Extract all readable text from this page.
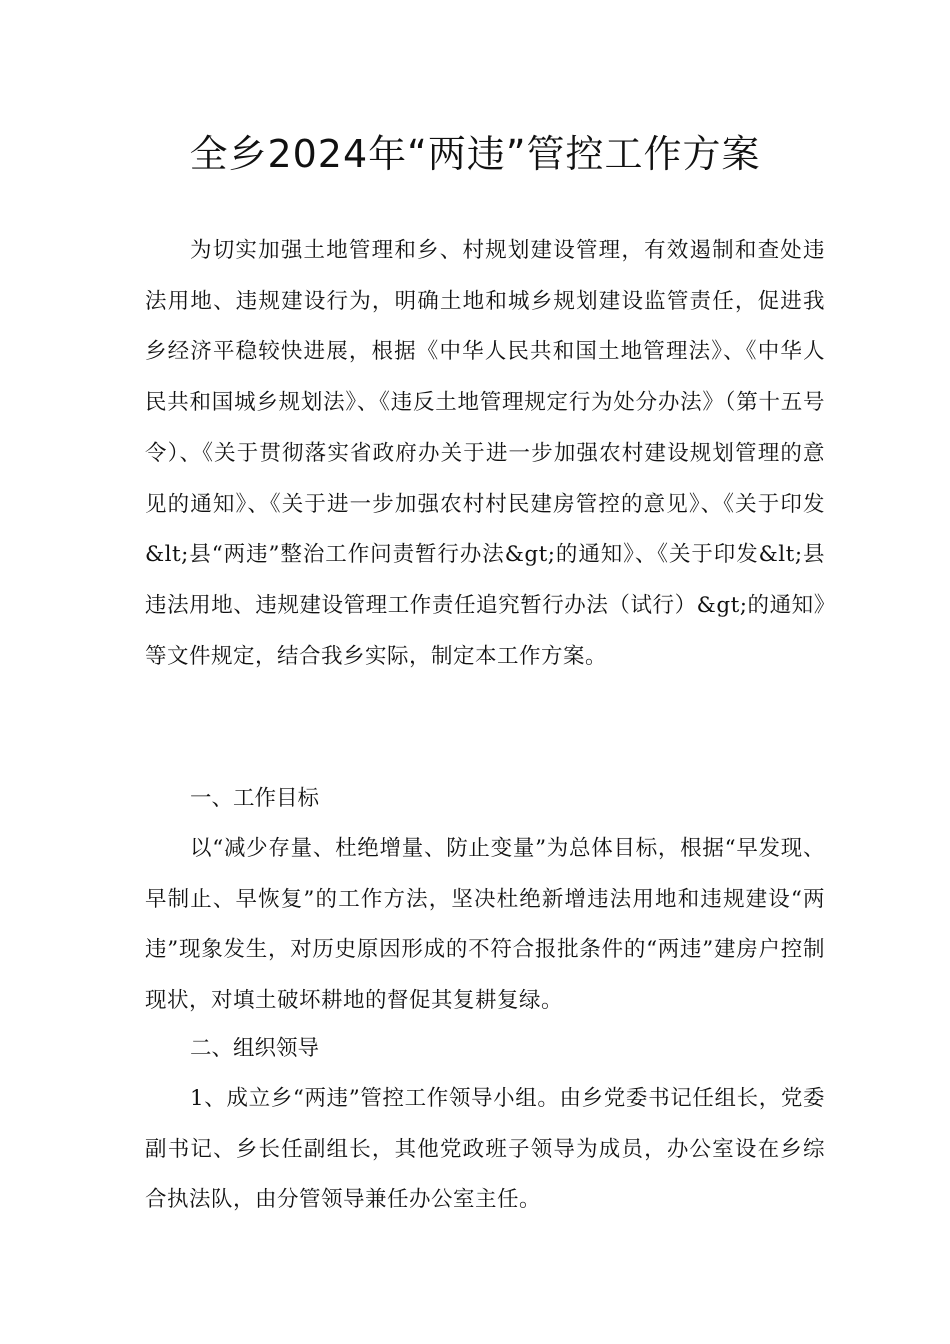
全乡2024年“两违”管控工作方案

为切实加强土地管理和乡、村规划建设管理，有效遏制和查处违法用地、违规建设行为，明确土地和城乡规划建设监管责任，促进我乡经济平稳较快进展，根据《中华人民共和国土地管理法》、《中华人民共和国城乡规划法》、《违反土地管理规定行为处分办法》（第十五号令）、《关于贯彻落实省政府办关于进一步加强农村建设规划管理的意见的通知》、《关于进一步加强农村村民建房管控的意见》、《关于印发&lt;县“两违”整治工作问责暂行办法&gt;的通知》、《关于印发&lt;县违法用地、违规建设管理工作责任追究暂行办法（试行）&gt;的通知》等文件规定，结合我乡实际，制定本工作方案。

一、工作目标

以“减少存量、杜绝增量、防止变量”为总体目标，根据“早发现、早制止、早恢复”的工作方法，坚决杜绝新增违法用地和违规建设“两违”现象发生，对历史原因形成的不符合报批条件的“两违”建房户控制现状，对填土破坏耕地的督促其复耕复绿。

二、组织领导

1、成立乡“两违”管控工作领导小组。由乡党委书记任组长，党委副书记、乡长任副组长，其他党政班子领导为成员，办公室设在乡综合执法队，由分管领导兼任办公室主任。
